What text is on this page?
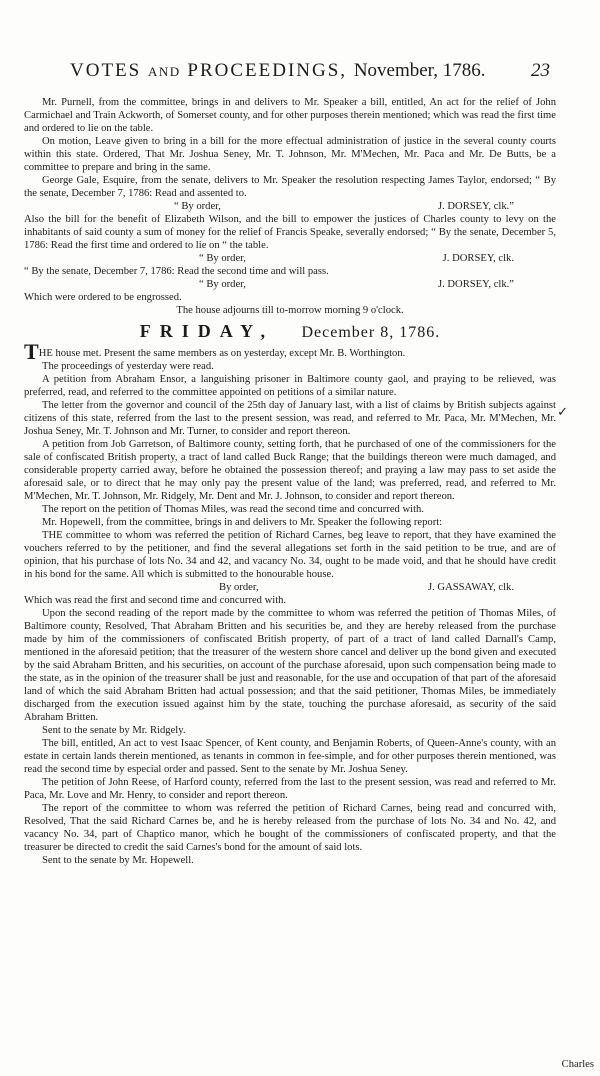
VOTES AND PROCEEDINGS, November, 1786. 23

Mr. Purnell, from the committee, brings in and delivers to Mr. Speaker a bill, entitled, An act for the relief of John Carmichael and Train Ackworth, of Somerset county, and for other purposes therein mentioned; which was read the first time and ordered to lie on the table.

On motion, Leave given to bring in a bill for the more effectual administration of justice in the several county courts within this state. Ordered, That Mr. Joshua Seney, Mr. T. Johnson, Mr. M'Mechen, Mr. Paca and Mr. De Butts, be a committee to prepare and bring in the same.

George Gale, Esquire, from the senate, delivers to Mr. Speaker the resolution respecting James Taylor, endorsed; “ By the senate, December 7, 1786: Read and assented to.

“ By order,	J. DORSEY, clk.”

Also the bill for the benefit of Elizabeth Wilson, and the bill to empower the justices of Charles county to levy on the inhabitants of said county a sum of money for the relief of Francis Speake, severally endorsed; “ By the senate, December 5, 1786: Read the first time and ordered to lie on “ the table.

“ By order,	J. DORSEY, clk.

“ By the senate, December 7, 1786: Read the second time and will pass.

“ By order,	J. DORSEY, clk.”

Which were ordered to be engrossed.

The house adjourns till to-morrow morning 9 o'clock.

FRIDAY, December 8, 1786.

THE house met. Present the same members as on yesterday, except Mr. B. Worthington.

The proceedings of yesterday were read.

A petition from Abraham Ensor, a languishing prisoner in Baltimore county gaol, and praying to be relieved, was preferred, read, and referred to the committee appointed on petitions of a similar nature.

✓

The letter from the governor and council of the 25th day of January last, with a list of claims by British subjects against citizens of this state, referred from the last to the present session, was read, and referred to Mr. Paca, Mr. M'Mechen, Mr. Joshua Seney, Mr. T. Johnson and Mr. Turner, to consider and report thereon.

A petition from Job Garretson, of Baltimore county, setting forth, that he purchased of one of the commissioners for the sale of confiscated British property, a tract of land called Buck Range; that the buildings thereon were much damaged, and considerable property carried away, before he obtained the possession thereof; and praying a law may pass to set aside the aforesaid sale, or to direct that he may only pay the present value of the land; was preferred, read, and referred to Mr. M'Mechen, Mr. T. Johnson, Mr. Ridgely, Mr. Dent and Mr. J. Johnson, to consider and report thereon.

The report on the petition of Thomas Miles, was read the second time and concurred with.

Mr. Hopewell, from the committee, brings in and delivers to Mr. Speaker the following report:

THE committee to whom was referred the petition of Richard Carnes, beg leave to report, that they have examined the vouchers referred to by the petitioner, and find the several allegations set forth in the said petition to be true, and are of opinion, that his purchase of lots No. 34 and 42, and vacancy No. 34, ought to be made void, and that he should have credit in his bond for the same. All which is submitted to the honourable house.

By order,	J. GASSAWAY, clk.

Which was read the first and second time and concurred with.

Upon the second reading of the report made by the committee to whom was referred the petition of Thomas Miles, of Baltimore county, Resolved, That Abraham Britten and his securities be, and they are hereby released from the purchase made by him of the commissioners of confiscated British property, of part of a tract of land called Darnall's Camp, mentioned in the aforesaid petition; that the treasurer of the western shore cancel and deliver up the bond given and executed by the said Abraham Britten, and his securities, on account of the purchase aforesaid, upon such compensation being made to the state, as in the opinion of the treasurer shall be just and reasonable, for the use and occupation of that part of the aforesaid land of which the said Abraham Britten had actual possession; and that the said petitioner, Thomas Miles, be immediately discharged from the execution issued against him by the state, touching the purchase aforesaid, as security of the said Abraham Britten.

Sent to the senate by Mr. Ridgely.

The bill, entitled, An act to vest Isaac Spencer, of Kent county, and Benjamin Roberts, of Queen-Anne's county, with an estate in certain lands therein mentioned, as tenants in common in fee-simple, and for other purposes therein mentioned, was read the second time by especial order and passed. Sent to the senate by Mr. Joshua Seney.

The petition of John Reese, of Harford county, referred from the last to the present session, was read and referred to Mr. Paca, Mr. Love and Mr. Henry, to consider and report thereon.

The report of the committee to whom was referred the petition of Richard Carnes, being read and concurred with, Resolved, That the said Richard Carnes be, and he is hereby released from the purchase of lots No. 34 and No. 42, and vacancy No. 34, part of Chaptico manor, which he bought of the commissioners of confiscated property, and that the treasurer be directed to credit the said Carnes's bond for the amount of said lots.

Sent to the senate by Mr. Hopewell.

Charles
